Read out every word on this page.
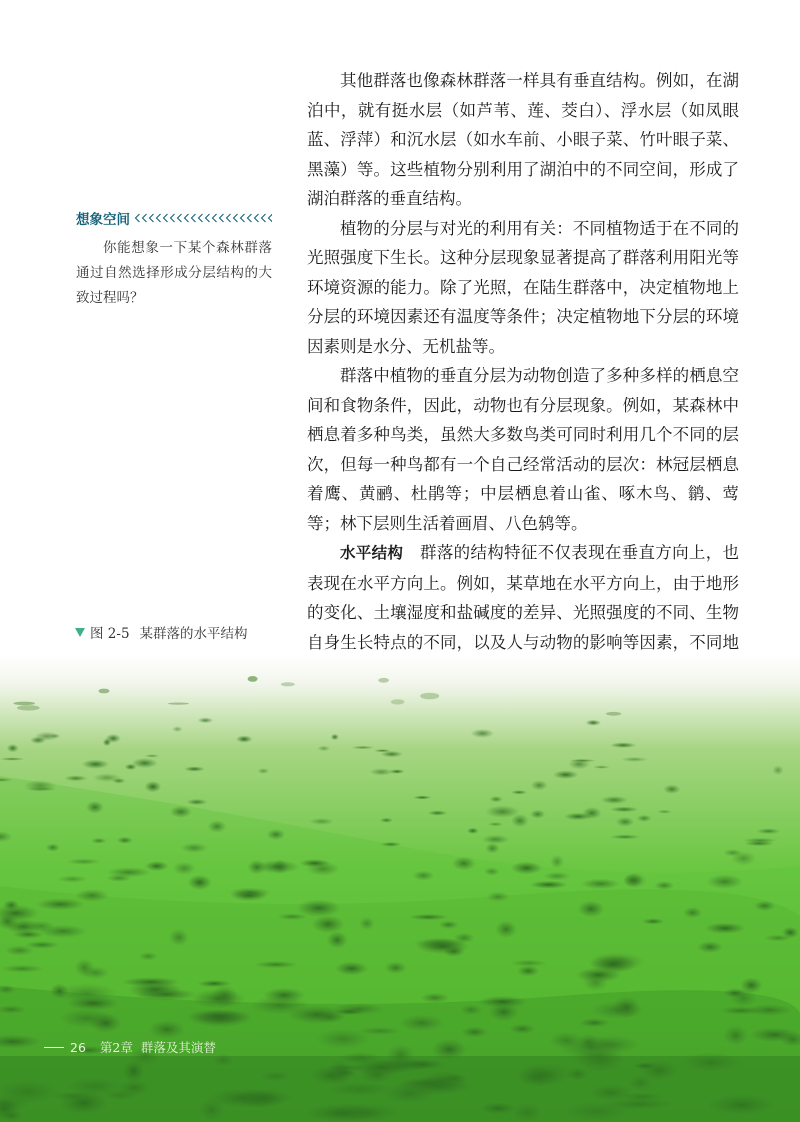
其他群落也像森林群落一样具有垂直结构。例如，在湖泊中，就有挺水层（如芦苇、莲、茭白）、浮水层（如凤眼蓝、浮萍）和沉水层（如水车前、小眼子菜、竹叶眼子菜、黑藻）等。这些植物分别利用了湖泊中的不同空间，形成了湖泊群落的垂直结构。

植物的分层与对光的利用有关：不同植物适于在不同的光照强度下生长。这种分层现象显著提高了群落利用阳光等环境资源的能力。除了光照，在陆生群落中，决定植物地上分层的环境因素还有温度等条件；决定植物地下分层的环境因素则是水分、无机盐等。

群落中植物的垂直分层为动物创造了多种多样的栖息空间和食物条件，因此，动物也有分层现象。例如，某森林中栖息着多种鸟类，虽然大多数鸟类可同时利用几个不同的层次，但每一种鸟都有一个自己经常活动的层次：林冠层栖息着鹰、黄鹂、杜鹃等；中层栖息着山雀、啄木鸟、鹟、莺等；林下层则生活着画眉、八色鸫等。

水平结构　 群落的结构特征不仅表现在垂直方向上，也表现在水平方向上。例如，某草地在水平方向上，由于地形的变化、土壤湿度和盐碱度的差异、光照强度的不同、生物自身生长特点的不同，以及人与动物的影响等因素，不同地

想象空间
你能想象一下某个森林群落通过自然选择形成分层结构的大致过程吗？
图 2-5 某群落的水平结构
26 第2章 群落及其演替
